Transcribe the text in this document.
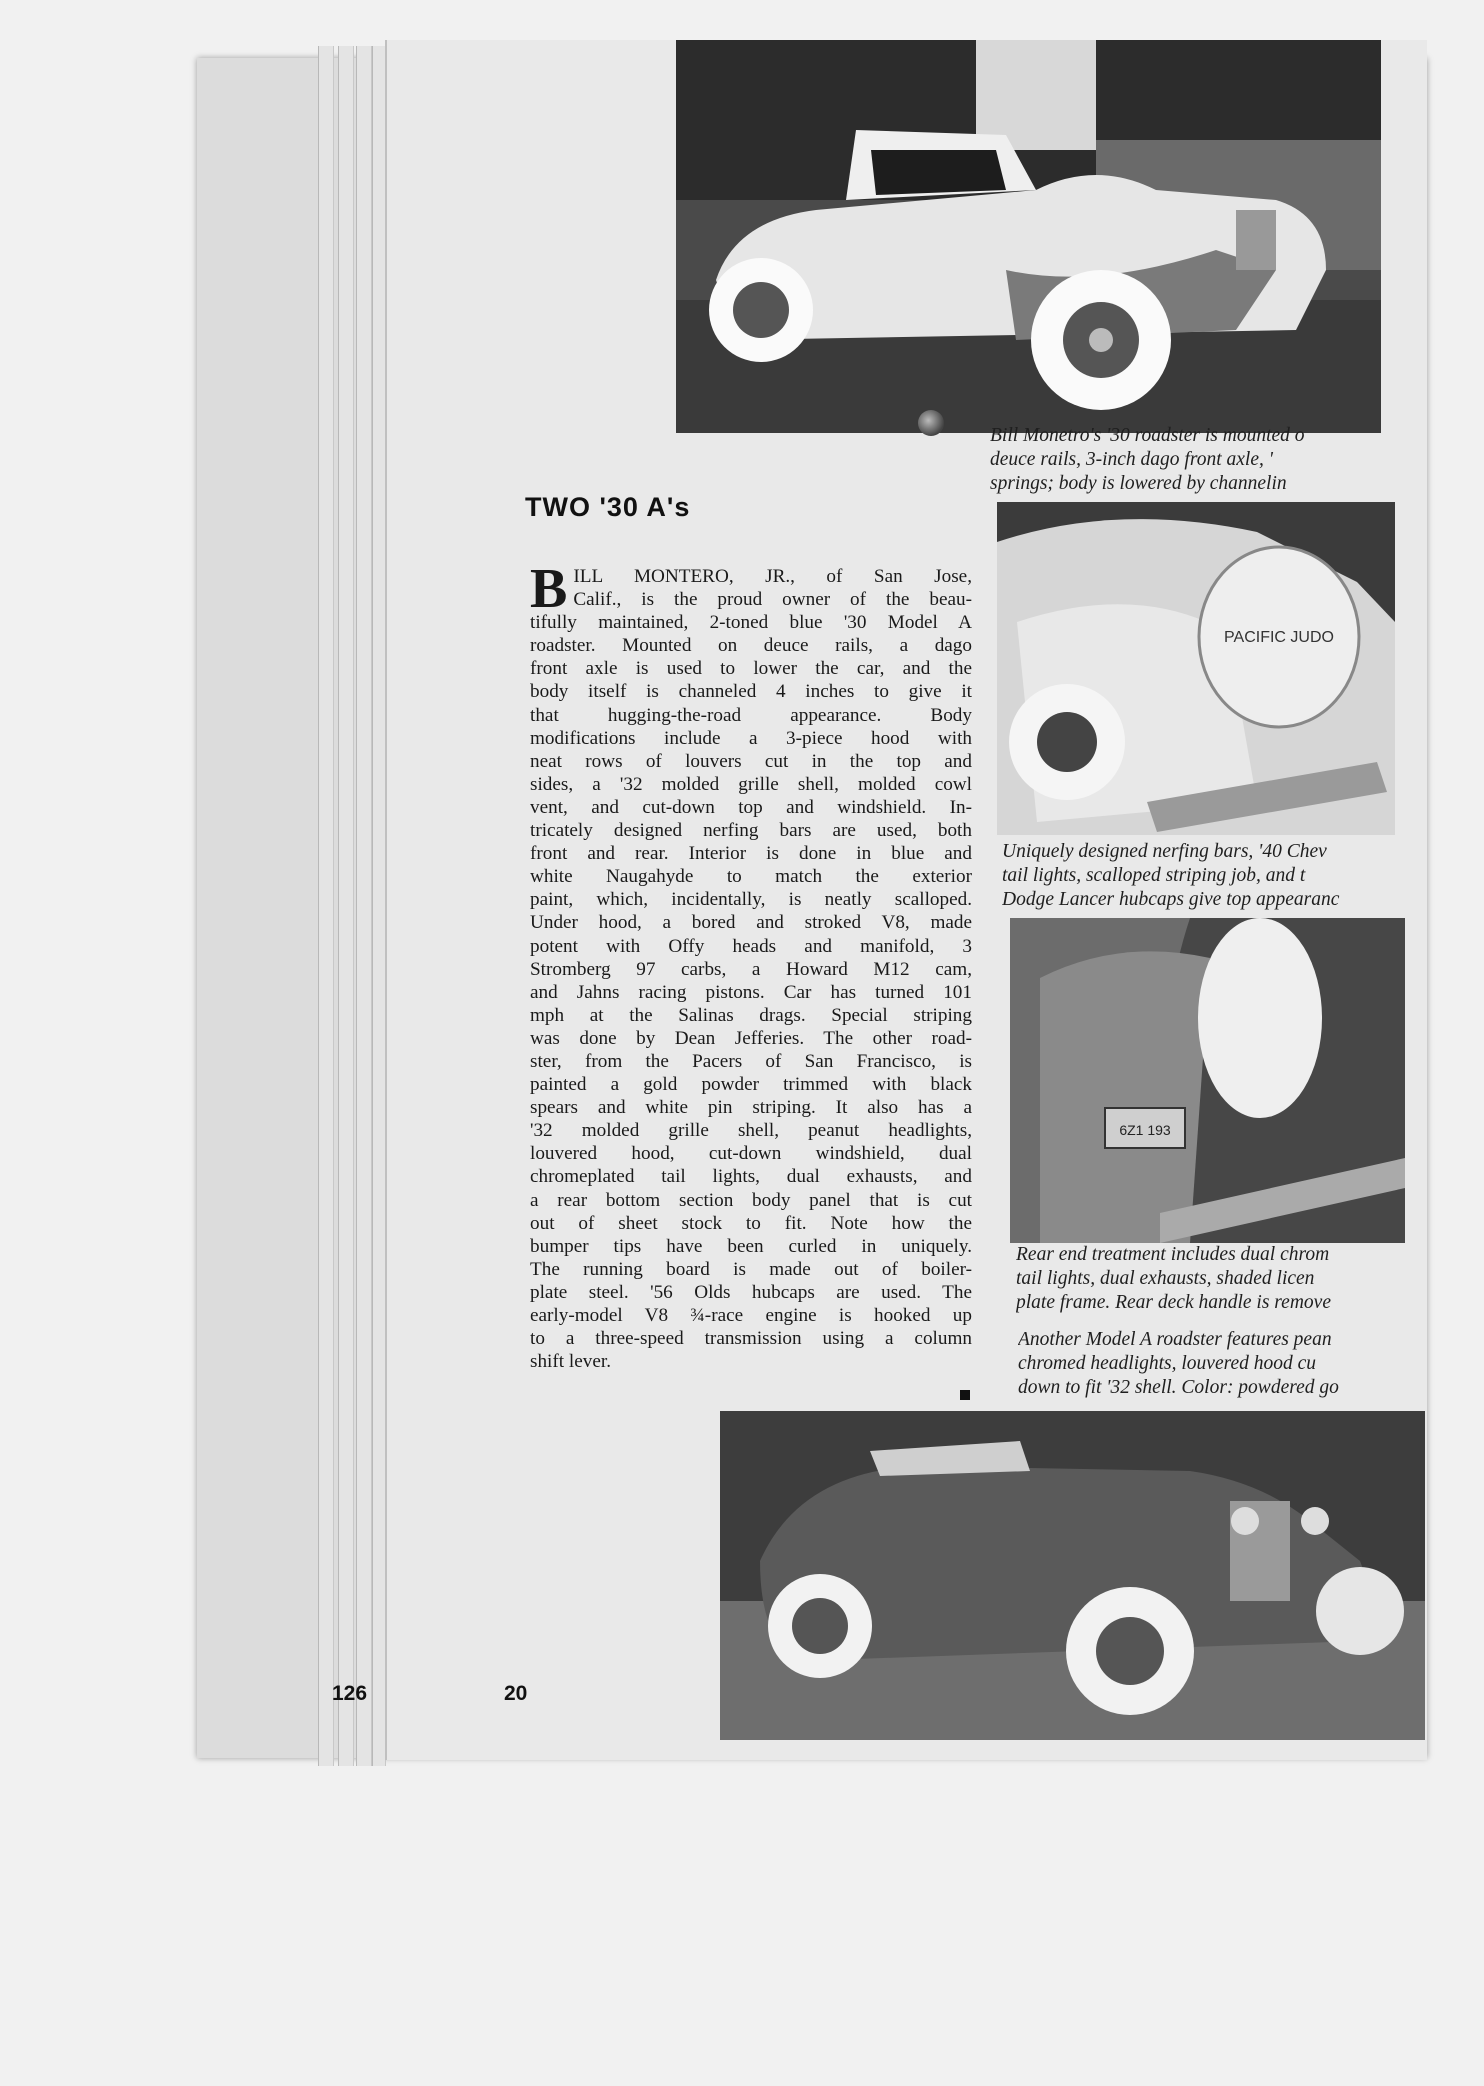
126	20
Bill Monetro's '30 roadster is mounted o
deuce rails, 3-inch dago front axle, '
springs; body is lowered by channelin
PACIFIC JUDO
Uniquely designed nerfing bars, '40 Chev
tail lights, scalloped striping job, and t
Dodge Lancer hubcaps give top appearanc
6Z1 193
Rear end treatment includes dual chrom
tail lights, dual exhausts, shaded licen
plate frame. Rear deck handle is remove
Another Model A roadster features pean
chromed headlights, louvered hood cu
down to fit '32 shell. Color: powdered go
TWO '30 A's
B ILL MONTERO, JR., of San Jose,
Calif., is the proud owner of the beau-
tifully maintained, 2-toned blue '30 Model A
roadster. Mounted on deuce rails, a dago
front axle is used to lower the car, and the
body itself is channeled 4 inches to give it
that hugging-the-road appearance. Body
modifications include a 3-piece hood with
neat rows of louvers cut in the top and
sides, a '32 molded grille shell, molded cowl
vent, and cut-down top and windshield. In-
tricately designed nerfing bars are used, both
front and rear. Interior is done in blue and
white Naugahyde to match the exterior
paint, which, incidentally, is neatly scalloped.
Under hood, a bored and stroked V8, made
potent with Offy heads and manifold, 3
Stromberg 97 carbs, a Howard M12 cam,
and Jahns racing pistons. Car has turned 101
mph at the Salinas drags. Special striping
was done by Dean Jefferies. The other road-
ster, from the Pacers of San Francisco, is
painted a gold powder trimmed with black
spears and white pin striping. It also has a
'32 molded grille shell, peanut headlights,
louvered hood, cut-down windshield, dual
chromeplated tail lights, dual exhausts, and
a rear bottom section body panel that is cut
out of sheet stock to fit. Note how the
bumper tips have been curled in uniquely.
The running board is made out of boiler-
plate steel. '56 Olds hubcaps are used. The
early-model V8 ¾-race engine is hooked up
to a three-speed transmission using a column
shift lever.
